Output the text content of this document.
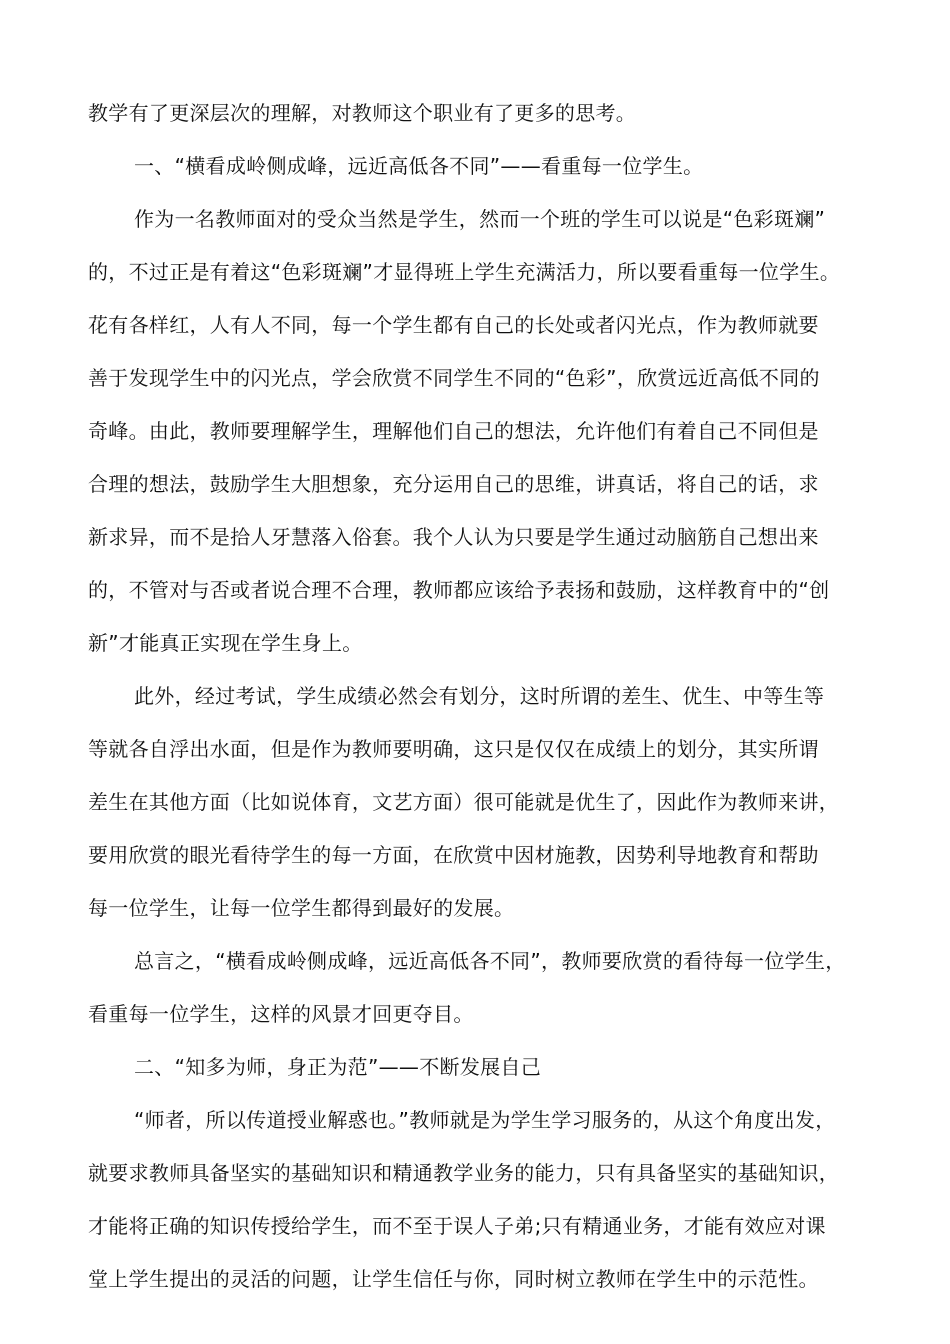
教学有了更深层次的理解，对教师这个职业有了更多的思考。
一、“横看成岭侧成峰，远近高低各不同”——看重每一位学生。
作为一名教师面对的受众当然是学生，然而一个班的学生可以说是“色彩斑斓”
的，不过正是有着这“色彩斑斓”才显得班上学生充满活力，所以要看重每一位学生。
花有各样红，人有人不同，每一个学生都有自己的长处或者闪光点，作为教师就要
善于发现学生中的闪光点，学会欣赏不同学生不同的“色彩”，欣赏远近高低不同的
奇峰。由此，教师要理解学生，理解他们自己的想法，允许他们有着自己不同但是
合理的想法，鼓励学生大胆想象，充分运用自己的思维，讲真话，将自己的话，求
新求异，而不是拾人牙慧落入俗套。我个人认为只要是学生通过动脑筋自己想出来
的，不管对与否或者说合理不合理，教师都应该给予表扬和鼓励，这样教育中的“创
新”才能真正实现在学生身上。
此外，经过考试，学生成绩必然会有划分，这时所谓的差生、优生、中等生等
等就各自浮出水面，但是作为教师要明确，这只是仅仅在成绩上的划分，其实所谓
差生在其他方面（比如说体育，文艺方面）很可能就是优生了，因此作为教师来讲，
要用欣赏的眼光看待学生的每一方面，在欣赏中因材施教，因势利导地教育和帮助
每一位学生，让每一位学生都得到最好的发展。
总言之，“横看成岭侧成峰，远近高低各不同”，教师要欣赏的看待每一位学生，
看重每一位学生，这样的风景才回更夺目。
二、“知多为师，身正为范”——不断发展自己
“师者，所以传道授业解惑也。”教师就是为学生学习服务的，从这个角度出发，
就要求教师具备坚实的基础知识和精通教学业务的能力，只有具备坚实的基础知识，
才能将正确的知识传授给学生，而不至于误人子弟;只有精通业务，才能有效应对课
堂上学生提出的灵活的问题，让学生信任与你，同时树立教师在学生中的示范性。
